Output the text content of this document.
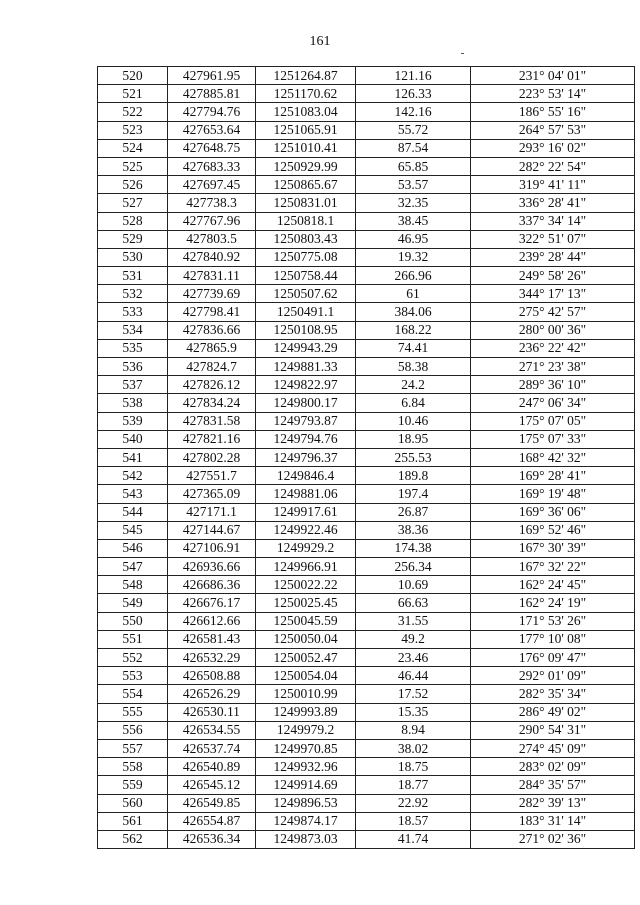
161
520	427961.95	1251264.87	121.16	231° 04' 01"
521	427885.81	1251170.62	126.33	223° 53' 14"
522	427794.76	1251083.04	142.16	186° 55' 16"
523	427653.64	1251065.91	55.72	264° 57' 53"
524	427648.75	1251010.41	87.54	293° 16' 02"
525	427683.33	1250929.99	65.85	282° 22' 54"
526	427697.45	1250865.67	53.57	319° 41' 11"
527	427738.3	1250831.01	32.35	336° 28' 41"
528	427767.96	1250818.1	38.45	337° 34' 14"
529	427803.5	1250803.43	46.95	322° 51' 07"
530	427840.92	1250775.08	19.32	239° 28' 44"
531	427831.11	1250758.44	266.96	249° 58' 26"
532	427739.69	1250507.62	61	344° 17' 13"
533	427798.41	1250491.1	384.06	275° 42' 57"
534	427836.66	1250108.95	168.22	280° 00' 36"
535	427865.9	1249943.29	74.41	236° 22' 42"
536	427824.7	1249881.33	58.38	271° 23' 38"
537	427826.12	1249822.97	24.2	289° 36' 10"
538	427834.24	1249800.17	6.84	247° 06' 34"
539	427831.58	1249793.87	10.46	175° 07' 05"
540	427821.16	1249794.76	18.95	175° 07' 33"
541	427802.28	1249796.37	255.53	168° 42' 32"
542	427551.7	1249846.4	189.8	169° 28' 41"
543	427365.09	1249881.06	197.4	169° 19' 48"
544	427171.1	1249917.61	26.87	169° 36' 06"
545	427144.67	1249922.46	38.36	169° 52' 46"
546	427106.91	1249929.2	174.38	167° 30' 39"
547	426936.66	1249966.91	256.34	167° 32' 22"
548	426686.36	1250022.22	10.69	162° 24' 45"
549	426676.17	1250025.45	66.63	162° 24' 19"
550	426612.66	1250045.59	31.55	171° 53' 26"
551	426581.43	1250050.04	49.2	177° 10' 08"
552	426532.29	1250052.47	23.46	176° 09' 47"
553	426508.88	1250054.04	46.44	292° 01' 09"
554	426526.29	1250010.99	17.52	282° 35' 34"
555	426530.11	1249993.89	15.35	286° 49' 02"
556	426534.55	1249979.2	8.94	290° 54' 31"
557	426537.74	1249970.85	38.02	274° 45' 09"
558	426540.89	1249932.96	18.75	283° 02' 09"
559	426545.12	1249914.69	18.77	284° 35' 57"
560	426549.85	1249896.53	22.92	282° 39' 13"
561	426554.87	1249874.17	18.57	183° 31' 14"
562	426536.34	1249873.03	41.74	271° 02' 36"
